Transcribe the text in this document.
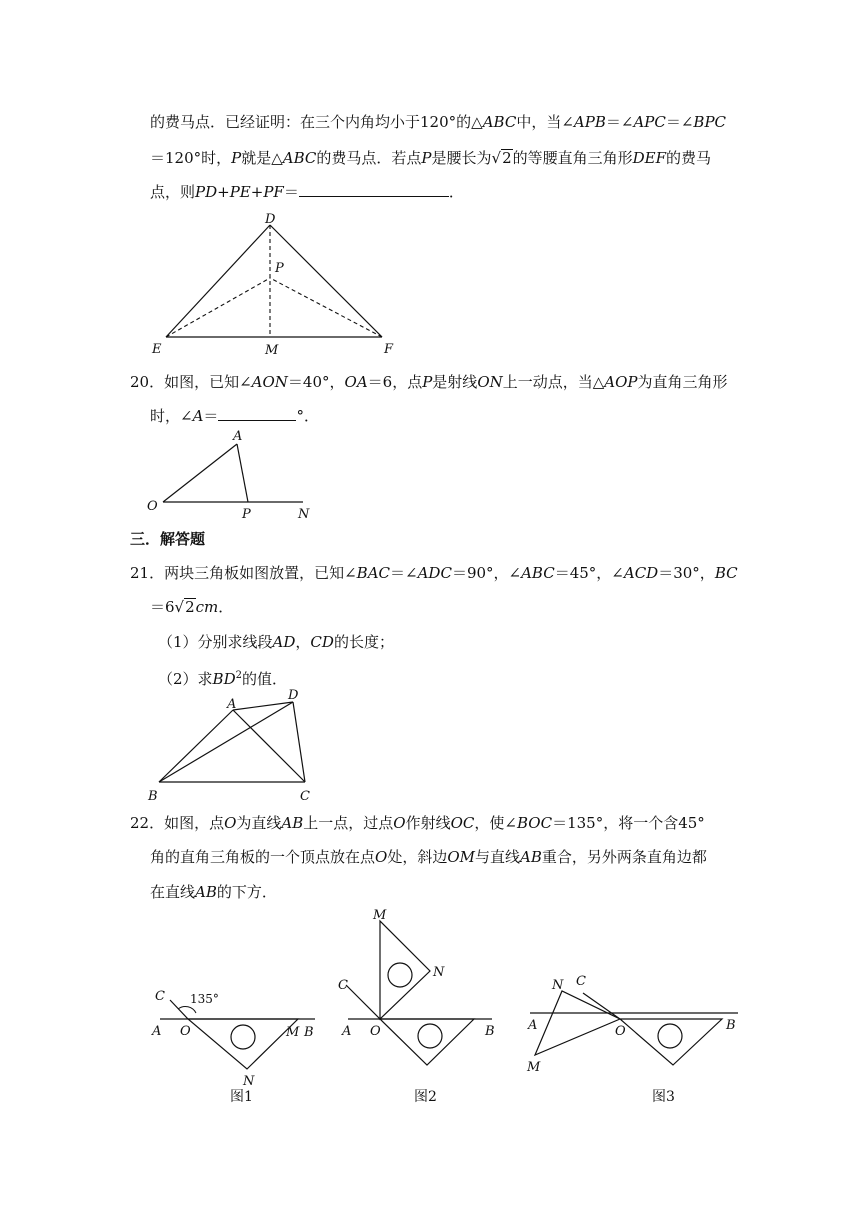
的费马点．已经证明：在三个内角均小于120°的△ABC中，当∠APB＝∠APC＝∠BPC
＝120°时，P就是△ABC的费马点．若点P是腰长为√2的等腰直角三角形DEF的费马
点，则PD+PE+PF＝	．
D
P
E	M	F
20．如图，已知∠AON＝40°，OA＝6，点P是射线ON上一动点，当△AOP为直角三角形
时，∠A＝	°．
A
O
P	N
三．解答题
21．两块三角板如图放置，已知∠BAC＝∠ADC＝90°，∠ABC＝45°，∠ACD＝30°，BC
＝6√2cm．
（1）分别求线段AD，CD的长度；
（2）求$BD^2$的值．
A
D
B	C
22．如图，点O为直线AB上一点，过点O作射线OC，使∠BOC＝135°，将一个含45°
角的直角三角板的一个顶点放在点O处，斜边OM与直线AB重合，另外两条直角边都
在直线AB的下方．
C 135°
A O	M B
N
图1
M
N
C
A O	B
图2
N C
A	O	B
M
图3
